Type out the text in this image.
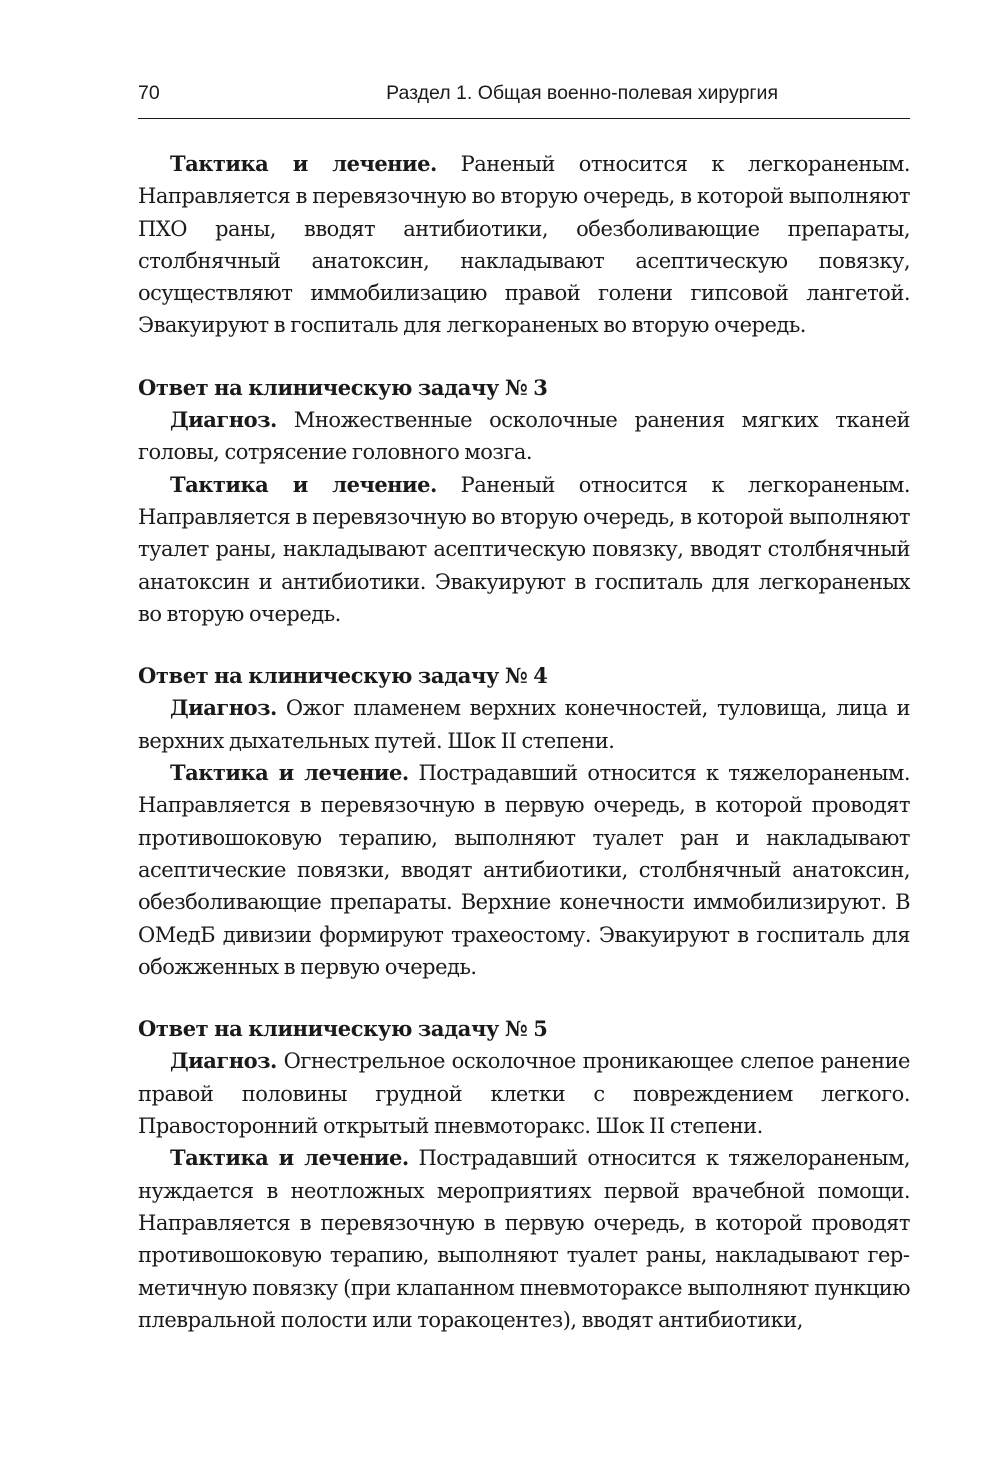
70	Раздел 1. Общая военно-полевая хирургия

Тактика и лечение. Раненый относится к легкораненым. Направляется в перевязочную во вторую очередь, в которой выполняют ПХО раны, вводят антибиотики, обезболивающие препараты, столбнячный анатоксин, накладывают асептическую повязку, осуществляют иммобилизацию правой голени гипсовой лангетой. Эвакуируют в госпиталь для легкораненых во вторую очередь.

Ответ на клиническую задачу № 3

Диагноз. Множественные осколочные ранения мягких тканей головы, сотрясение головного мозга.

Тактика и лечение. Раненый относится к легкораненым. Направляется в перевязочную во вторую очередь, в которой выполняют туалет раны, накладывают асептическую повязку, вводят столбнячный анатоксин и антибиотики. Эвакуируют в госпиталь для легкораненых во вторую очередь.

Ответ на клиническую задачу № 4

Диагноз. Ожог пламенем верхних конечностей, туловища, лица и верхних дыхательных путей. Шок II степени.

Тактика и лечение. Пострадавший относится к тяжелораненым. Направляется в перевязочную в первую очередь, в которой проводят противошоковую терапию, выполняют туалет ран и накладывают асептические повязки, вводят антибиотики, столбнячный анатоксин, обезболивающие препараты. Верхние конечности иммобилизируют. В ОМедБ дивизии формируют трахеостому. Эвакуируют в госпиталь для обожженных в первую очередь.

Ответ на клиническую задачу № 5

Диагноз. Огнестрельное осколочное проникающее слепое ранение правой половины грудной клетки с повреждением легкого. Правосторонний открытый пневмоторакс. Шок II степени.

Тактика и лечение. Пострадавший относится к тяжелораненым, нуждается в неотложных мероприятиях первой врачебной помощи. Направляется в перевязочную в первую очередь, в которой проводят противошоковую терапию, выполняют туалет раны, накладывают герметичную повязку (при клапанном пневмотораксе выполняют пункцию плевральной полости или торакоцентез), вводят антибиотики,
